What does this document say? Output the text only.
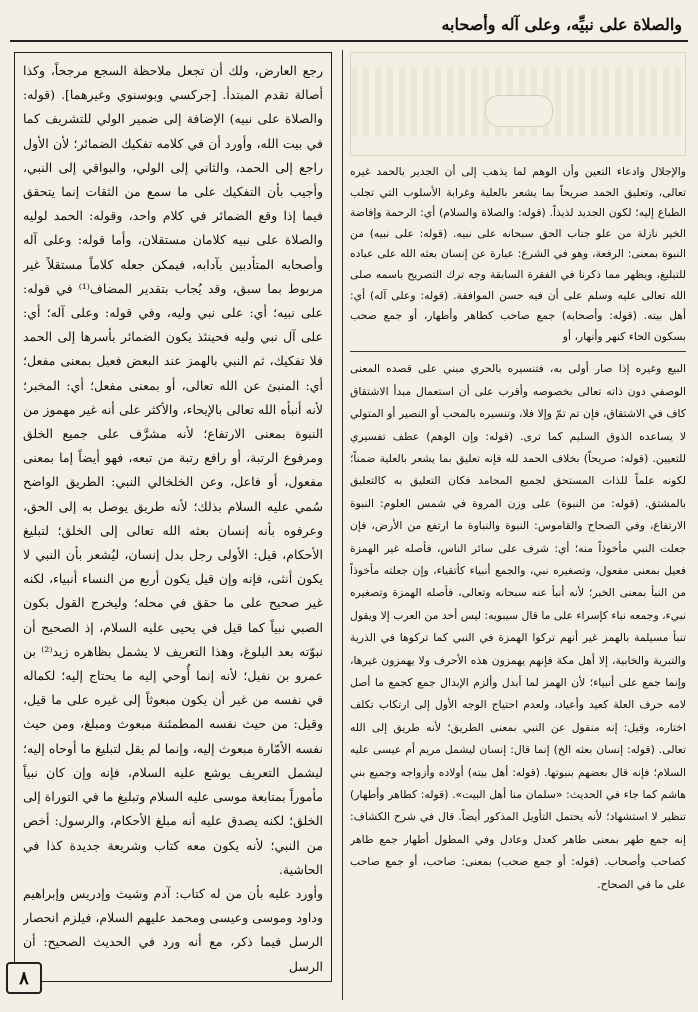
والصلاة على نبيِّه، وعلى آله وأصحابه

رجع العارض، ولك أن تجعل ملاحظة السجع مرجحاً، وكذا أصالة تقدم المبتدأ. [جركسي وبوسنوي وغيرهما]. (قوله: والصلاة على نبيه) الإضافة إلى ضمير الولي للتشريف كما في بيت الله، وأورد أن في كلامه تفكيك الضمائر؛ لأن الأول راجع إلى الحمد، والثاني إلى الولي، والبواقي إلى النبي، وأجيب بأن التفكيك على ما سمع من الثقات إنما يتحقق فيما إذا وقع الضمائر في كلام واحد، وقوله: الحمد لوليه والصلاة على نبيه كلامان مستقلان، وأما قوله: وعلى آله وأصحابه المتأدبين بآدابه، فيمكن جعله كلاماً مستقلاً غير مربوط بما سبق، وقد يُجاب بتقدير المضاف⁽¹⁾ في قوله: على نبيه؛ أي: على نبي وليه، وفي قوله: وعلى آله؛ أي: على آل نبي وليه فحينئذ يكون الضمائر بأسرها إلى الحمد فلا تفكيك، ثم النبي بالهمز عند البعض فعيل بمعنى مفعل؛ أي: المنبئ عن الله تعالى، أو بمعنى مفعل؛ أي: المخبر؛ لأنه أنبأه الله تعالى بالإيحاء، والأكثر على أنه غير مهموز من النبوة بمعنى الارتفاع؛ لأنه مشرَّف على جميع الخلق ومرفوع الرتبة، أو رافع رتبة من تبعه، فهو أيضاً إما بمعنى مفعول، أو فاعل، وعن الخلخالي النبي: الطريق الواضح سُمي عليه السلام بذلك؛ لأنه طريق يوصل به إلى الحق، وعرفوه بأنه إنسان بعثه الله تعالى إلى الخلق؛ لتبليغ الأحكام، قيل: الأولى رجل بدل إنسان، ليُشعر بأن النبي لا يكون أنثى، فإنه وإن قيل يكون أربع من النساء أنبياء، لكنه غير صحيح على ما حقق في محله؛ وليخرج القول بكون الصبي نبياً كما قيل في يحيى عليه السلام، إذ الصحيح أن نبوّته بعد البلوغ، وهذا التعريف لا يشمل بظاهره زيد⁽²⁾ بن عمرو بن نفيل؛ لأنه إنما أُوحي إليه ما يحتاج إليه؛ لكماله في نفسه من غير أن يكون مبعوثاً إلى غيره على ما قيل، وقيل: من حيث نفسه المطمئنة مبعوث ومبلغ، ومن حيث نفسه الأمّارة مبعوث إليه، وإنما لم يقل لتبليغ ما أوحاه إليه؛ ليشمل التعريف يوشع عليه السلام، فإنه وإن كان نبياً مأموراً بمتابعة موسى عليه السلام وتبليغ ما في التوراة إلى الخلق؛ لكنه يصدق عليه أنه مبلغ الأحكام، والرسول: أخص من النبي؛ لأنه يكون معه كتاب وشريعة جديدة كذا في الحاشية.

وأورد عليه بأن من له كتاب: آدم وشيث وإدريس وإبراهيم وداود وموسى وعيسى ومحمد عليهم السلام، فيلزم انحصار الرسل فيما ذكر، مع أنه ورد في الحديث الصحيح: أن الرسل

والإجلال وادعاء التعين وأن الوهم لما يذهب إلى أن الجدير بالحمد غيره تعالى، وتعليق الحمد صريحاً بما يشعر بالعلية وغرابة الأسلوب التي تجلب الطباع إليه؛ لكون الجديد لذيذاً. (قوله: والصلاة والسلام) أي: الرحمة وإفاضة الخير نازلة من علو جناب الحق سبحانه على نبيه. (قوله: على نبيه) من النبوة بمعنى: الرفعة، وهو في الشرع: عبارة عن إنسان بعثه الله على عباده للتبليغ، ويظهر مما ذكرنا في الفقرة السابقة وجه ترك التصريح باسمه صلى الله تعالى عليه وسلم على أن فيه حسن الموافقة. (قوله: وعلى آله) أي: أهل بيته. (قوله: وأصحابه) جمع صاحب كطاهر وأطهار، أو جمع صحب بسكون الحاء كنهر وأنهار، أو

البيع وغيره إذا صار أولى به، فتنسيره بالحري مبني على قصده المعنى الوصفي دون ذاته تعالى بخصوصه وأقرب على أن استعمال مبدأ الاشتقاق كاف في الاشتقاق، فإن تم تمّ وإلا فلا، وتنسيره بالمحب أو النصير أو المتولي لا يساعده الذوق السليم كما ترى. (قوله: وإن الوهم) عطف تفسيري للتعيين. (قوله: صريحاً) بخلاف الحمد لله فإنه تعليق بما يشعر بالعلية ضمناً؛ لكونه علماً للذات المستحق لجميع المحامد فكان التعليق به كالتعليق بالمشتق. (قوله: من النبوة) على وزن المروة في شمس العلوم: النبوة الارتفاع، وفي الصحاح والقاموس: النبوة والنباوة ما ارتفع من الأرض، فإن جعلت النبي مأخوذاً منه؛ أي: شرف على سائر الناس، فأصله غير الهمزة فعيل بمعنى مفعول، وتصغيره نبي، والجمع أنبياء كأتقياء، وإن جعلته مأخوذاً من النبأ بمعنى الخبر؛ لأنه أنبأ عنه سبحانه وتعالى، فأصله الهمزة وتصغيره نبيء، وجمعه نباء كإسراء على ما قال سيبويه: ليس أحد من العرب إلا ويقول تنبأ مسيلمة بالهمز غير أنهم تركوا الهمزة في النبي كما تركوها في الذرية والتبرية والخابية، إلا أهل مكة فإنهم يهمزون هذه الأحرف ولا يهمزون غيرها، وإنما جمع على أنبياء؛ لأن الهمز لما أبدل وألزم الإبدال جمع كجمع ما أصل لامه حرف العلة كعيد وأعياد، ولعدم احتياج الوجه الأول إلى ارتكاب تكلف اختاره، وقيل: إنه منقول عن النبي بمعنى الطريق؛ لأنه طريق إلى الله تعالى. (قوله: إنسان بعثه الخ) إنما قال: إنسان ليشمل مريم أم عيسى عليه السلام؛ فإنه قال بعضهم بنبوتها. (قوله: أهل بيته) أولاده وأزواجه وجميع بني هاشم كما جاء في الحديث: «سلمان منا أهل البيت». (قوله: كطاهر وأطهار) تنظير لا استشهاد؛ لأنه يحتمل التأويل المذكور أيضاً. قال في شرح الكشاف: إنه جمع طهر بمعنى طاهر كعدل وعادل وفي المطول أطهار جمع طاهر كصاحب وأصحاب. (قوله: أو جمع صحب) بمعنى: صاحب، أو جمع صاحب على ما في الصحاح.

٨
